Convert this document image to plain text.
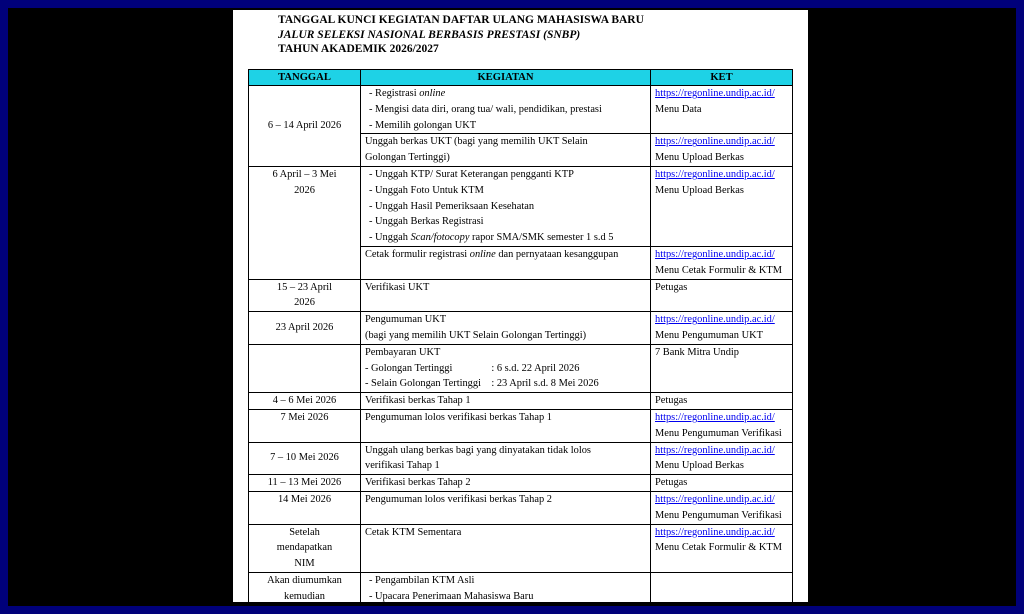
TANGGAL KUNCI KEGIATAN DAFTAR ULANG MAHASISWA BARU
JALUR SELEKSI NASIONAL BERBASIS PRESTASI (SNBP)
TAHUN AKADEMIK 2026/2027
TANGGAL	KEGIATAN	KET
6 – 14 April 2026	- Registrasi online
- Mengisi data diri, orang tua/ wali, pendidikan, prestasi
- Memilih golongan UKT	https://regonline.undip.ac.id/
Menu Data

	Unggah berkas UKT (bagi yang memilih UKT Selain
Golongan Tertinggi)	https://regonline.undip.ac.id/
Menu Upload Berkas

6 April – 3 Mei
2026	- Unggah KTP/ Surat Keterangan pengganti KTP
- Unggah Foto Untuk KTM
- Unggah Hasil Pemeriksaan Kesehatan
- Unggah Berkas Registrasi
- Unggah Scan/fotocopy rapor SMA/SMK semester 1 s.d 5	https://regonline.undip.ac.id/
Menu Upload Berkas

	Cetak formulir registrasi online dan pernyataan kesanggupan	https://regonline.undip.ac.id/
Menu Cetak Formulir & KTM

15 – 23 April
2026	Verifikasi UKT	Petugas
23 April 2026	Pengumuman UKT
(bagi yang memilih UKT Selain Golongan Tertinggi)	https://regonline.undip.ac.id/
Menu Pengumuman UKT

	Pembayaran UKT
- Golongan Tertinggi               : 6 s.d. 22 April 2026
- Selain Golongan Tertinggi    : 23 April s.d. 8 Mei 2026	7 Bank Mitra Undip
4 – 6 Mei 2026	Verifikasi berkas Tahap 1	Petugas
7 Mei 2026	Pengumuman lolos verifikasi berkas Tahap 1	https://regonline.undip.ac.id/
Menu Pengumuman Verifikasi

7 – 10 Mei 2026	Unggah ulang berkas bagi yang dinyatakan tidak lolos
verifikasi Tahap 1	https://regonline.undip.ac.id/
Menu Upload Berkas

11 – 13 Mei 2026	Verifikasi berkas Tahap 2	Petugas
14 Mei 2026	Pengumuman lolos verifikasi berkas Tahap 2	https://regonline.undip.ac.id/
Menu Pengumuman Verifikasi

Setelah
mendapatkan
NIM	Cetak KTM Sementara	https://regonline.undip.ac.id/
Menu Cetak Formulir & KTM

Akan diumumkan
kemudian	- Pengambilan KTM Asli
- Upacara Penerimaan Mahasiswa Baru	
